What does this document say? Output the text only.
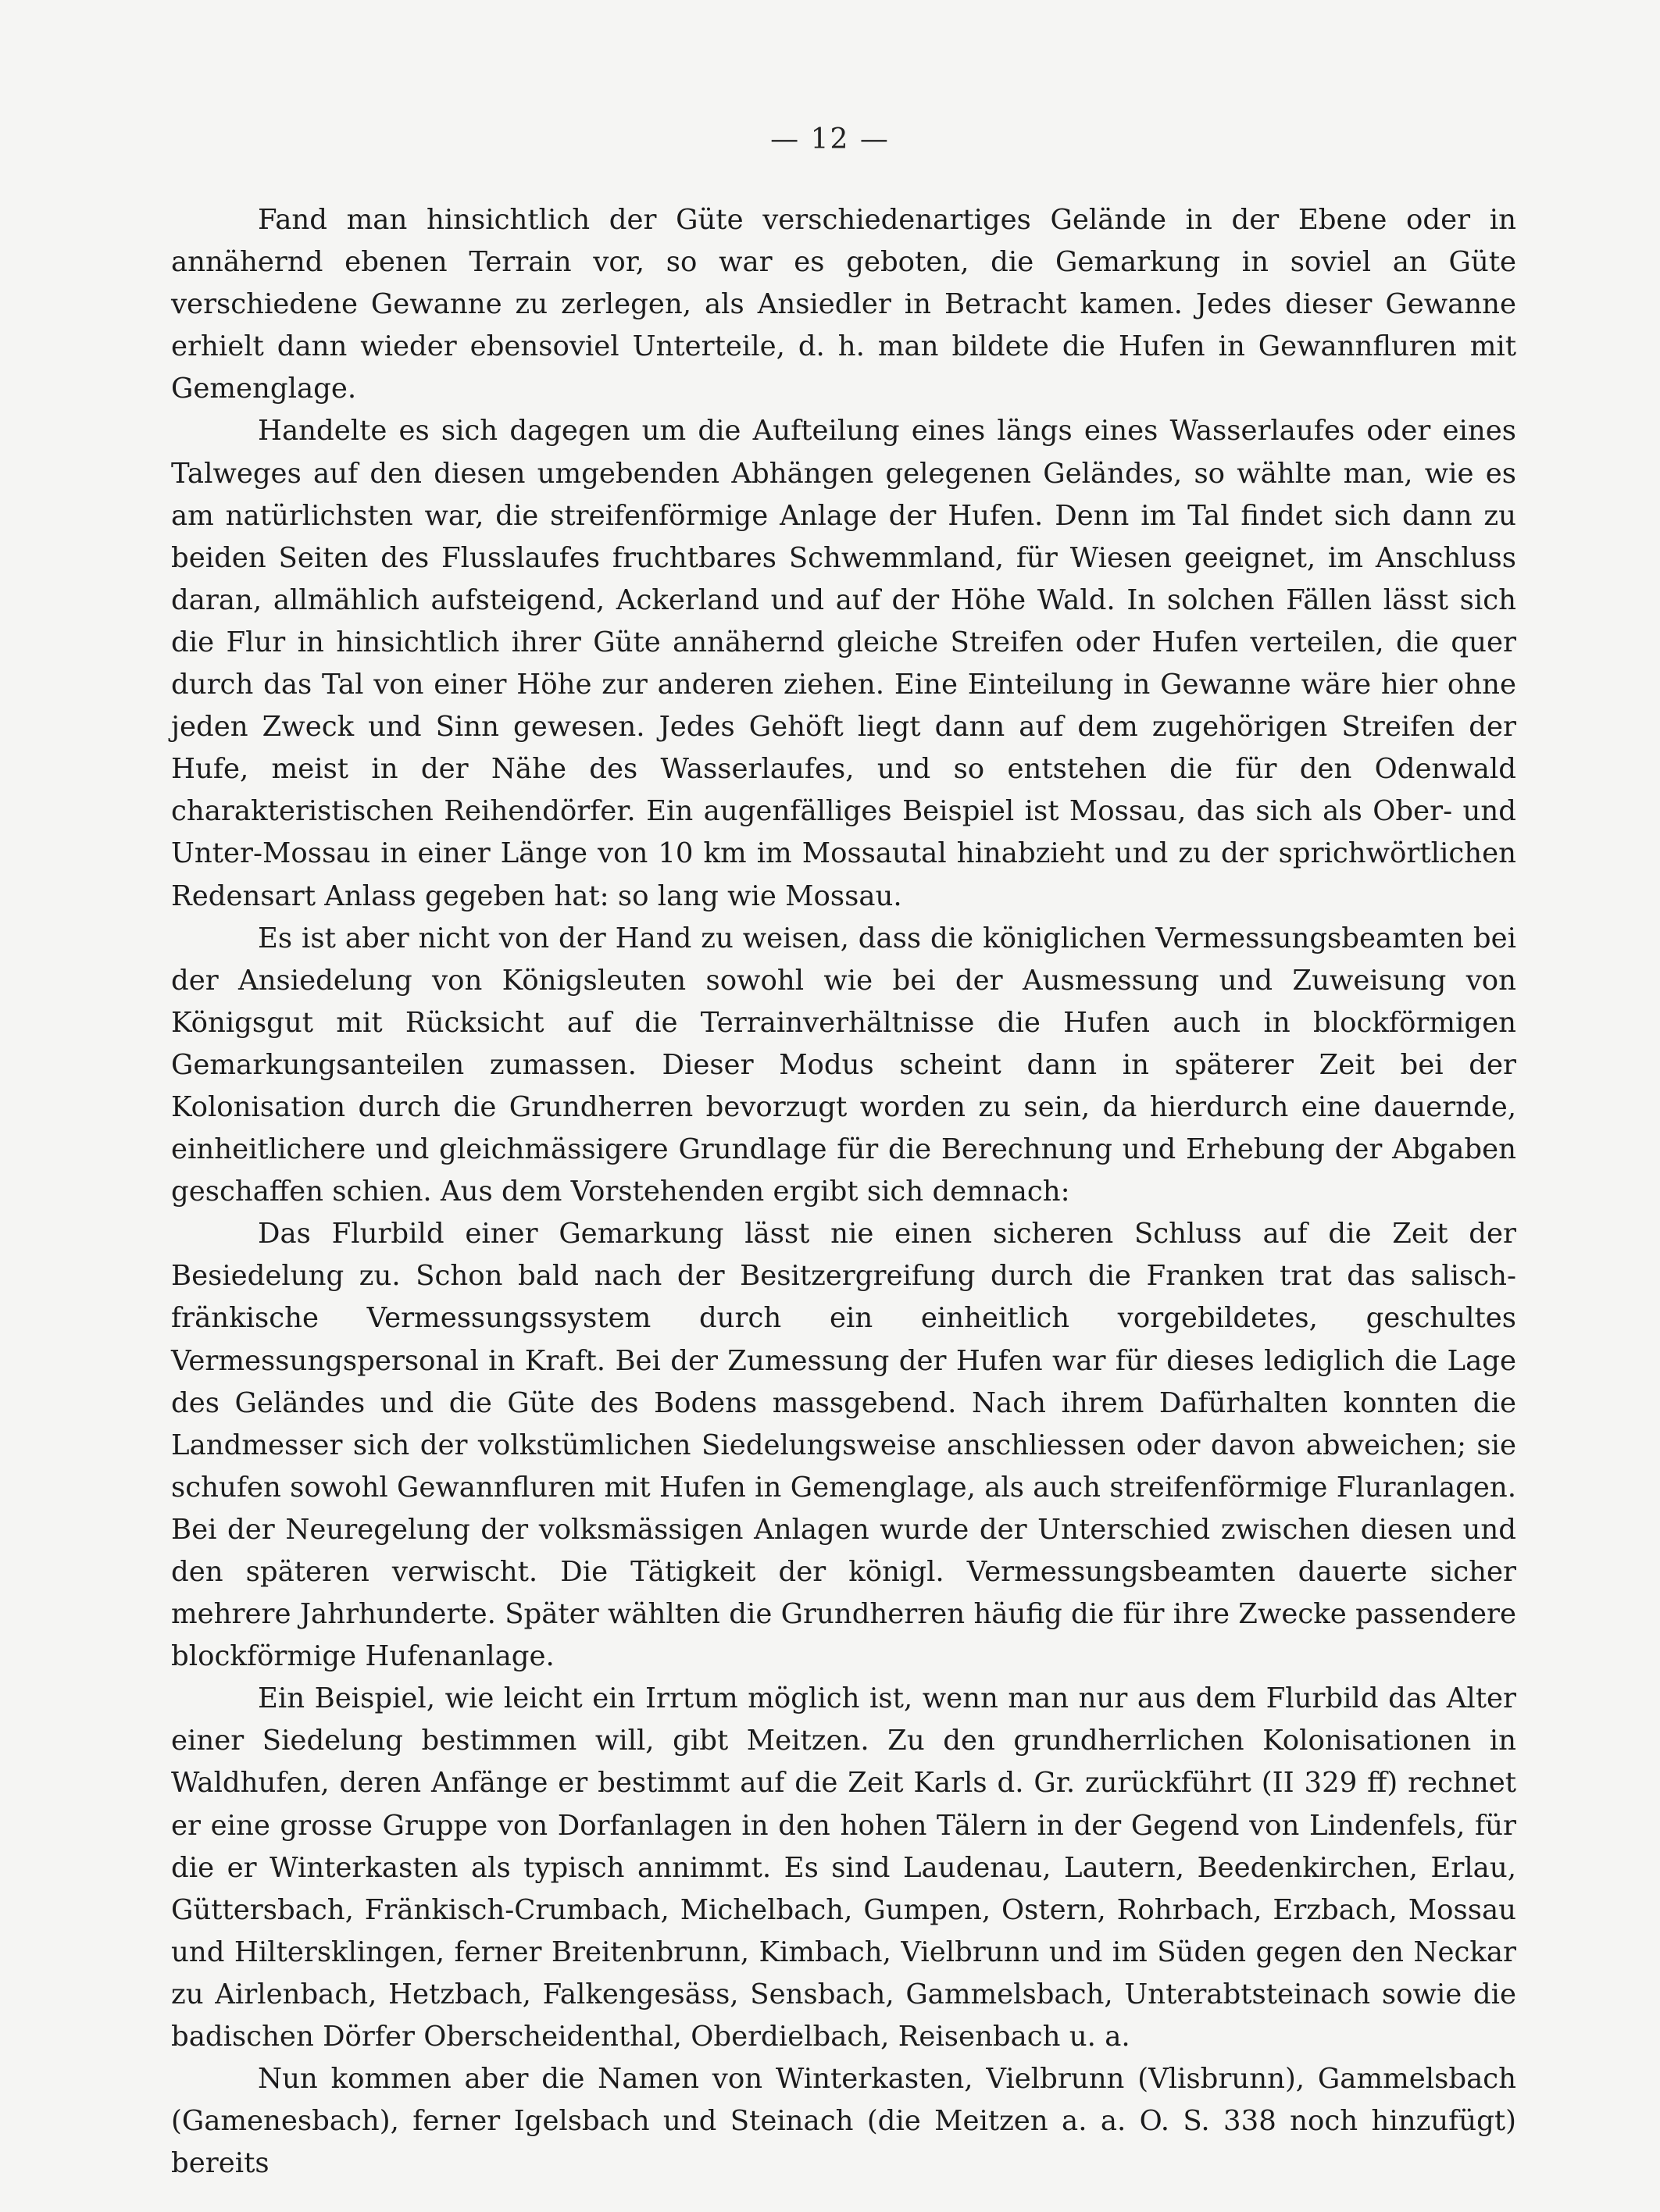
— 12 —

Fand man hinsichtlich der Güte verschiedenartiges Gelände in der Ebene oder in annähernd ebenen Terrain vor, so war es geboten, die Gemarkung in soviel an Güte verschiedene Gewanne zu zerlegen, als Ansiedler in Betracht kamen. Jedes dieser Gewanne erhielt dann wieder ebensoviel Unterteile, d. h. man bildete die Hufen in Gewannfluren mit Gemenglage.

Handelte es sich dagegen um die Aufteilung eines längs eines Wasserlaufes oder eines Talweges auf den diesen umgebenden Abhängen gelegenen Geländes, so wählte man, wie es am natürlichsten war, die streifenförmige Anlage der Hufen. Denn im Tal findet sich dann zu beiden Seiten des Flusslaufes fruchtbares Schwemmland, für Wiesen geeignet, im Anschluss daran, allmählich aufsteigend, Ackerland und auf der Höhe Wald. In solchen Fällen lässt sich die Flur in hinsichtlich ihrer Güte annähernd gleiche Streifen oder Hufen verteilen, die quer durch das Tal von einer Höhe zur anderen ziehen. Eine Einteilung in Gewanne wäre hier ohne jeden Zweck und Sinn gewesen. Jedes Gehöft liegt dann auf dem zugehörigen Streifen der Hufe, meist in der Nähe des Wasserlaufes, und so entstehen die für den Odenwald charakteristischen Reihendörfer. Ein augenfälliges Beispiel ist Mossau, das sich als Ober- und Unter-Mossau in einer Länge von 10 km im Mossautal hinabzieht und zu der sprichwörtlichen Redensart Anlass gegeben hat: so lang wie Mossau.

Es ist aber nicht von der Hand zu weisen, dass die königlichen Vermessungsbeamten bei der Ansiedelung von Königsleuten sowohl wie bei der Ausmessung und Zuweisung von Königsgut mit Rücksicht auf die Terrainverhältnisse die Hufen auch in blockförmigen Gemarkungsanteilen zumassen. Dieser Modus scheint dann in späterer Zeit bei der Kolonisation durch die Grundherren bevorzugt worden zu sein, da hierdurch eine dauernde, einheitlichere und gleichmässigere Grundlage für die Berechnung und Erhebung der Abgaben geschaffen schien. Aus dem Vorstehenden ergibt sich demnach:

Das Flurbild einer Gemarkung lässt nie einen sicheren Schluss auf die Zeit der Besiedelung zu. Schon bald nach der Besitzergreifung durch die Franken trat das salisch-fränkische Vermessungssystem durch ein einheitlich vorgebildetes, geschultes Vermessungspersonal in Kraft. Bei der Zumessung der Hufen war für dieses lediglich die Lage des Geländes und die Güte des Bodens massgebend. Nach ihrem Dafürhalten konnten die Landmesser sich der volkstümlichen Siedelungsweise anschliessen oder davon abweichen; sie schufen sowohl Gewannfluren mit Hufen in Gemenglage, als auch streifenförmige Fluranlagen. Bei der Neuregelung der volksmässigen Anlagen wurde der Unterschied zwischen diesen und den späteren verwischt. Die Tätigkeit der königl. Vermessungsbeamten dauerte sicher mehrere Jahrhunderte. Später wählten die Grundherren häufig die für ihre Zwecke passendere blockförmige Hufenanlage.

Ein Beispiel, wie leicht ein Irrtum möglich ist, wenn man nur aus dem Flurbild das Alter einer Siedelung bestimmen will, gibt Meitzen. Zu den grundherrlichen Kolonisationen in Waldhufen, deren Anfänge er bestimmt auf die Zeit Karls d. Gr. zurückführt (II 329 ff) rechnet er eine grosse Gruppe von Dorfanlagen in den hohen Tälern in der Gegend von Lindenfels, für die er Winterkasten als typisch annimmt. Es sind Laudenau, Lautern, Beedenkirchen, Erlau, Güttersbach, Fränkisch-Crumbach, Michelbach, Gumpen, Ostern, Rohrbach, Erzbach, Mossau und Hiltersklingen, ferner Breitenbrunn, Kimbach, Vielbrunn und im Süden gegen den Neckar zu Airlenbach, Hetzbach, Falkengesäss, Sensbach, Gammelsbach, Unterabtsteinach sowie die badischen Dörfer Oberscheidenthal, Oberdielbach, Reisenbach u. a.

Nun kommen aber die Namen von Winterkasten, Vielbrunn (Vlisbrunn), Gammelsbach (Gamenesbach), ferner Igelsbach und Steinach (die Meitzen a. a. O. S. 338 noch hinzufügt) bereits
